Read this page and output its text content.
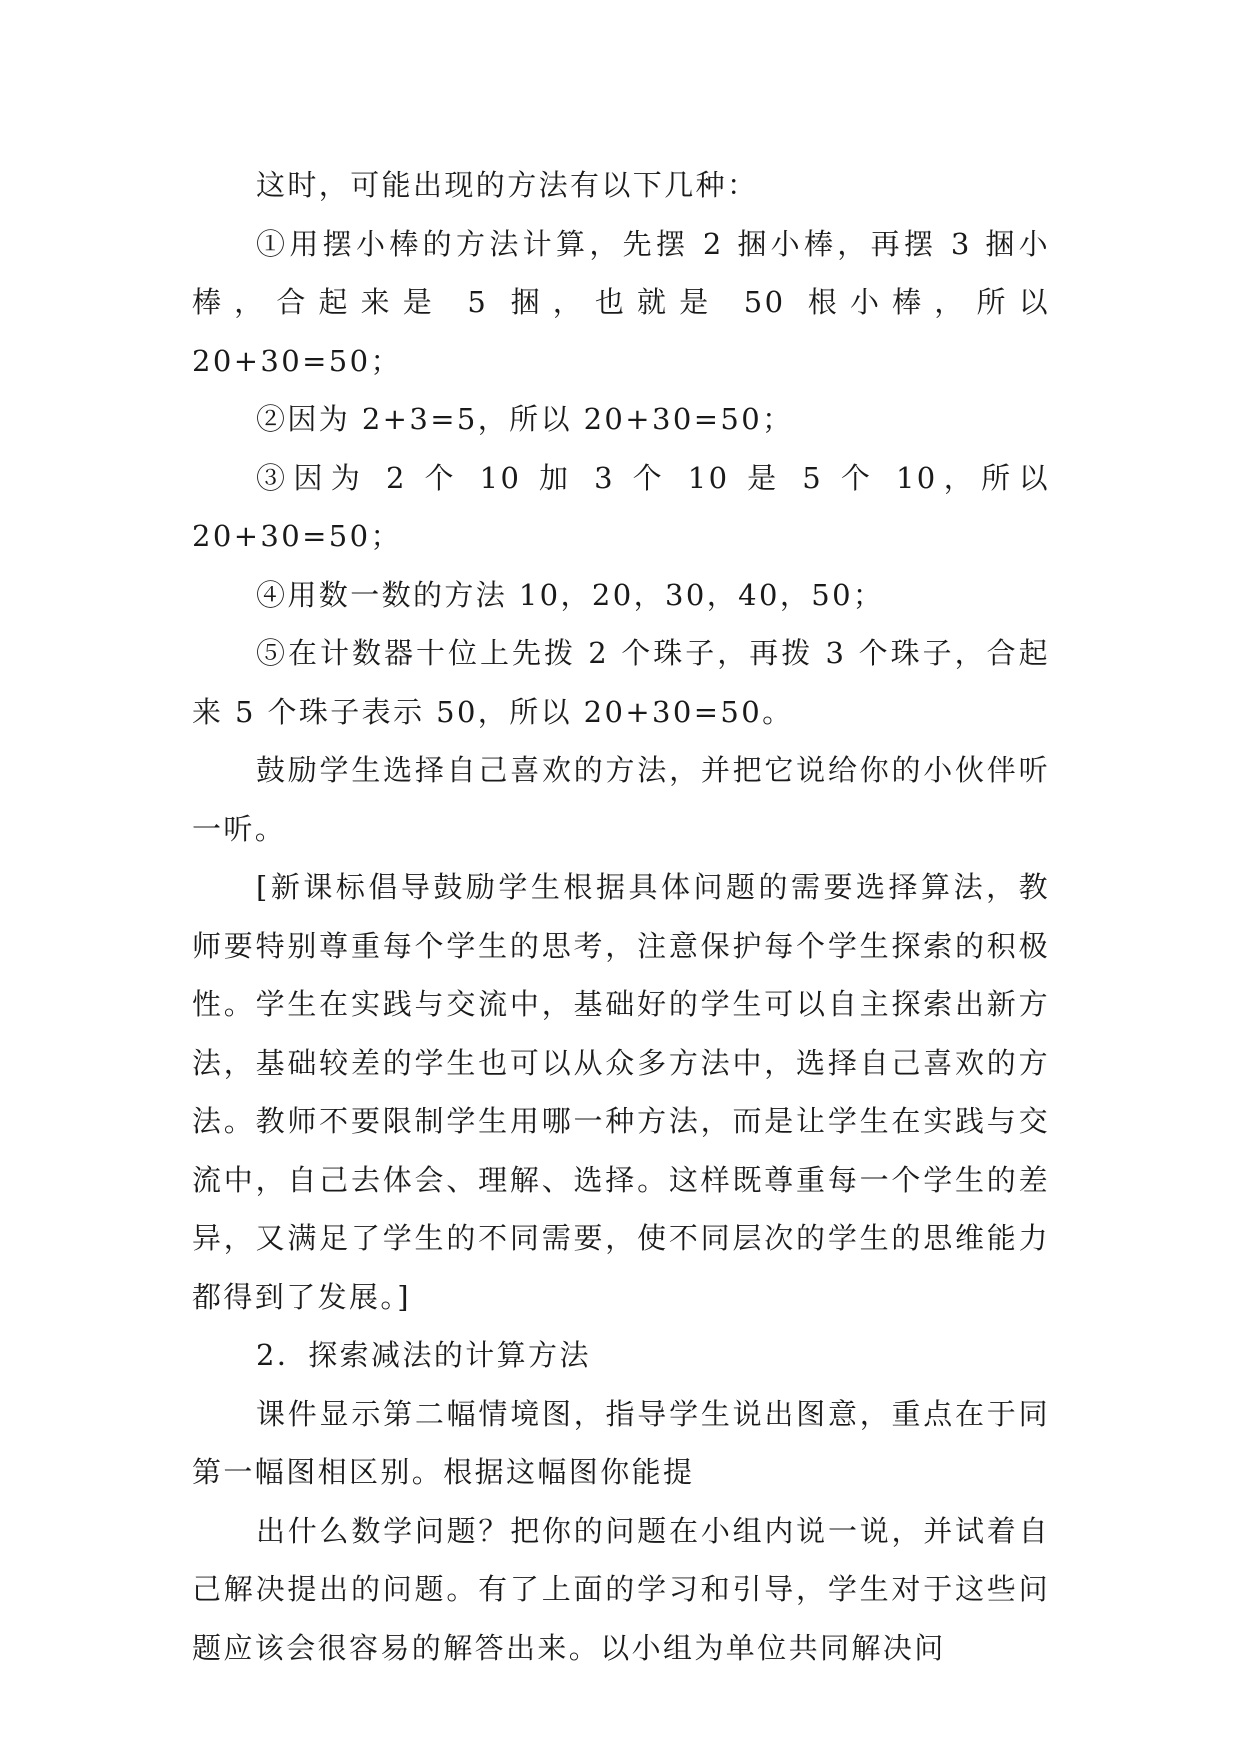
这时，可能出现的方法有以下几种：

①用摆小棒的方法计算，先摆 2 捆小棒，再摆 3 捆小棒，合起来是 5 捆，也就是 50 根小棒，所以 20+30=50；

②因为 2+3=5，所以 20+30=50；

③因为 2 个 10 加 3 个 10 是 5 个 10，所以 20+30=50；

④用数一数的方法 10，20，30，40，50；

⑤在计数器十位上先拨 2 个珠子，再拨 3 个珠子，合起来 5 个珠子表示 50，所以 20+30=50。

鼓励学生选择自己喜欢的方法，并把它说给你的小伙伴听一听。

[新课标倡导鼓励学生根据具体问题的需要选择算法，教师要特别尊重每个学生的思考，注意保护每个学生探索的积极性。学生在实践与交流中，基础好的学生可以自主探索出新方法，基础较差的学生也可以从众多方法中，选择自己喜欢的方法。教师不要限制学生用哪一种方法，而是让学生在实践与交流中，自己去体会、理解、选择。这样既尊重每一个学生的差异，又满足了学生的不同需要，使不同层次的学生的思维能力都得到了发展。]

2．探索减法的计算方法

课件显示第二幅情境图，指导学生说出图意，重点在于同第一幅图相区别。根据这幅图你能提

出什么数学问题？把你的问题在小组内说一说，并试着自己解决提出的问题。有了上面的学习和引导，学生对于这些问题应该会很容易的解答出来。以小组为单位共同解决问
